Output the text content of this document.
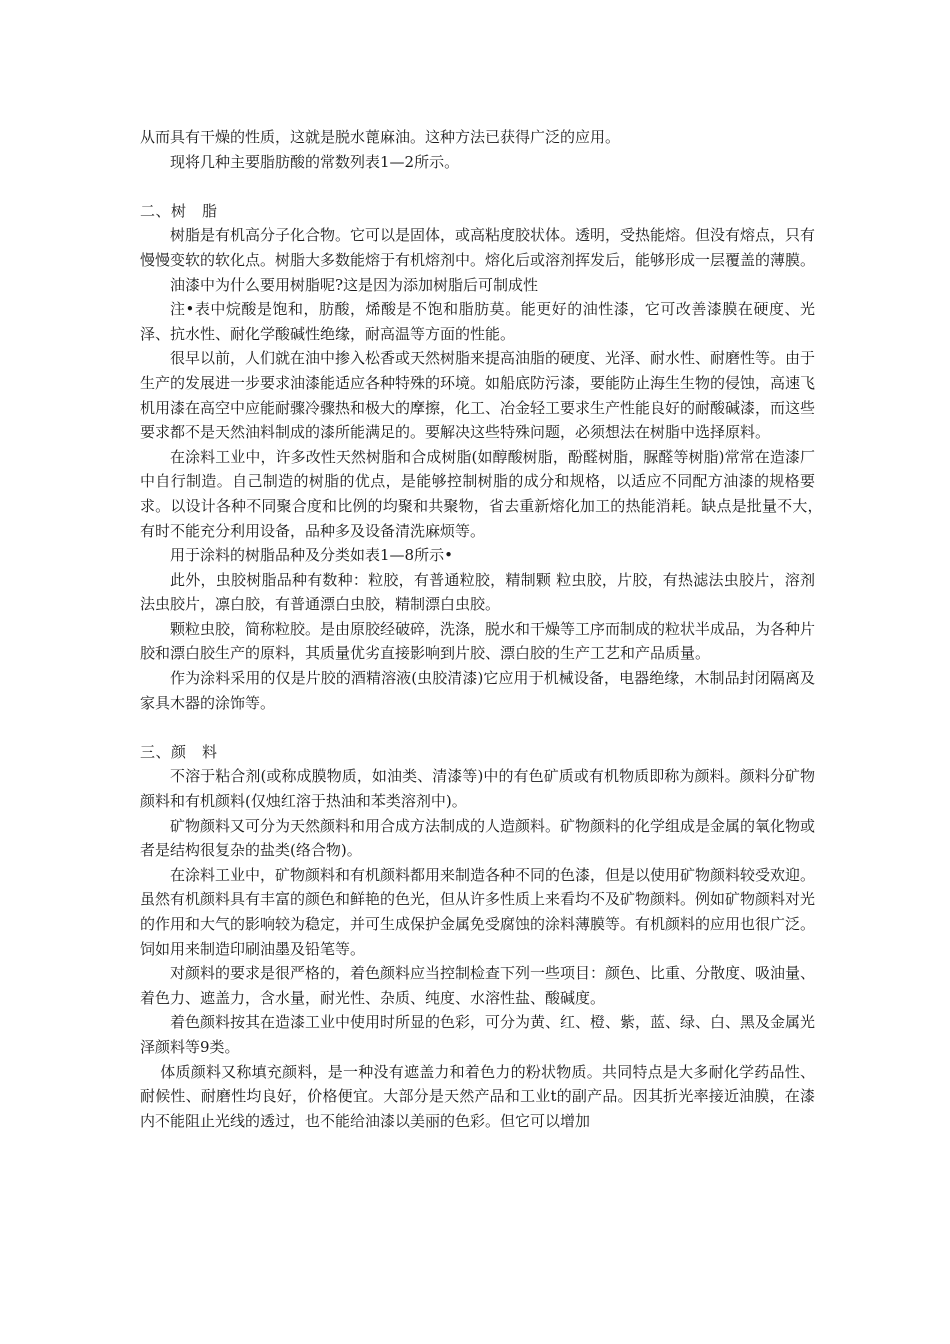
从而具有干燥的性质，这就是脱水蓖麻油。这种方法已获得广泛的应用。

现将几种主要脂肪酸的常数列表1—2所示。

二、树　脂

树脂是有机高分子化合物。它可以是固体，或高粘度胶状体。透明，受热能熔。但没有熔点，只有慢慢变软的软化点。树脂大多数能熔于有机熔剂中。熔化后或溶剂挥发后，能够形成一层覆盖的薄膜。

油漆中为什么要用树脂呢?这是因为添加树脂后可制成性

注•表中烷酸是饱和，肪酸，烯酸是不饱和脂肪莫。能更好的油性漆，它可改善漆膜在硬度、光泽、抗水性、耐化学酸碱性绝缘，耐高温等方面的性能。

很早以前，人们就在油中掺入松香或天然树脂来提高油脂的硬度、光泽、耐水性、耐磨性等。由于生产的发展进一步要求油漆能适应各种特殊的环境。如船底防污漆，要能防止海生生物的侵蚀，高速飞机用漆在高空中应能耐骤冷骤热和极大的摩擦，化工、冶金轻工要求生产性能良好的耐酸碱漆，而这些要求都不是天然油料制成的漆所能满足的。要解决这些特殊问题，必须想法在树脂中选择原料。

在涂料工业中，许多改性天然树脂和合成树脂(如醇酸树脂，酚醛树脂，脲醛等树脂)常常在造漆厂中自行制造。自己制造的树脂的优点，是能够控制树脂的成分和规格，以适应不同配方油漆的规格要求。以设计各种不同聚合度和比例的均聚和共聚物，省去重新熔化加工的热能消耗。缺点是批量不大，　有时不能充分利用设备，品种多及设备清洗麻烦等。

用于涂料的树脂品种及分类如表1—8所示•

此外，虫胶树脂品种有数种：粒胶，有普通粒胶，精制颗 粒虫胶，片胶，有热滤法虫胶片，溶剂法虫胶片，凛白胶，有普通漂白虫胶，精制漂白虫胶。

颗粒虫胶，简称粒胶。是由原胶经破碎，洗涤，脱水和干燥等工序而制成的粒状半成品，为各种片胶和漂白胶生产的原料，其质量优劣直接影响到片胶、漂白胶的生产工艺和产品质量。

作为涂料采用的仅是片胶的酒精溶液(虫胶清漆)它应用于机械设备，电器绝缘，木制品封闭隔离及家具木器的涂饰等。

三、颜　料

不溶于粘合剂(或称成膜物质，如油类、清漆等)中的有色矿质或有机物质即称为颜料。颜料分矿物颜料和有机颜料(仅烛红溶于热油和苯类溶剂中)。

矿物颜料又可分为天然颜料和用合成方法制成的人造颜料。矿物颜料的化学组成是金属的氧化物或者是结构很复杂的盐类(络合物)。

在涂料工业中，矿物颜料和有机颜料都用来制造各种不同的色漆，但是以使用矿物颜料较受欢迎。虽然有机颜料具有丰富的颜色和鲜艳的色光，但从许多性质上来看均不及矿物颜料。例如矿物颜料对光的作用和大气的影响较为稳定，并可生成保护金属免受腐蚀的涂料薄膜等。有机颜料的应用也很广泛。饲如用来制造印刷油墨及铅笔等。

对颜料的要求是很严格的，着色颜料应当控制检查下列一些项目：颜色、比重、分散度、吸油量、着色力、遮盖力，含水量，耐光性、杂质、纯度、水溶性盐、酸碱度。

着色颜料按其在造漆工业中使用时所显的色彩，可分为黄、红、橙、紫，蓝、绿、白、黑及金属光泽颜料等9类。

体质颜料又称填充颜料，是一种没有遮盖力和着色力的粉状物质。共同特点是大多耐化学药品性、耐候性、耐磨性均良好，价格便宜。大部分是天然产品和工业t的副产品。因其折光率接近油膜，在漆内不能阻止光线的透过，也不能给油漆以美丽的色彩。但它可以增加
